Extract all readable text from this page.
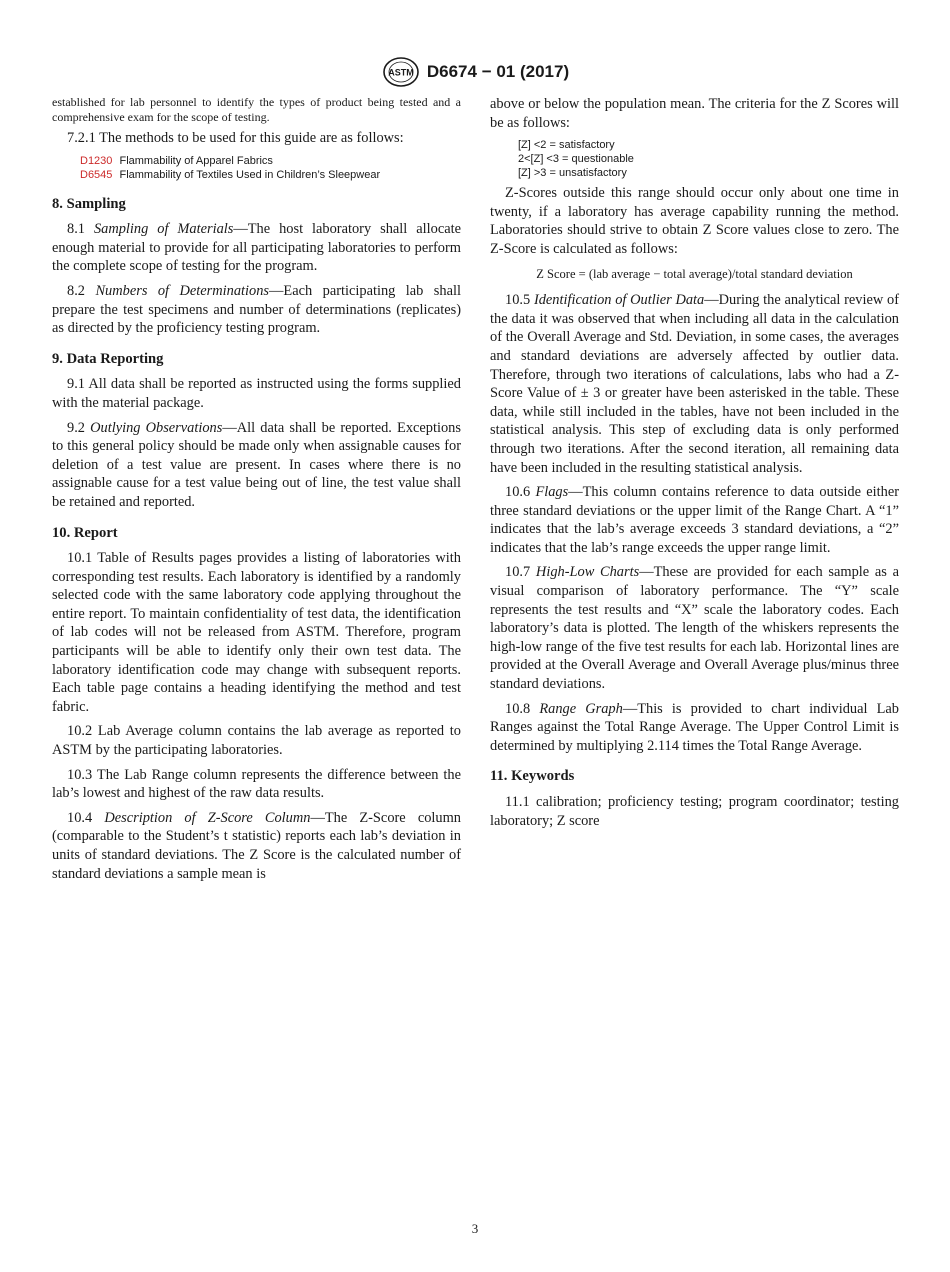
ASTM D6674 − 01 (2017)

established for lab personnel to identify the types of product being tested and a comprehensive exam for the scope of testing.

7.2.1 The methods to be used for this guide are as follows:

D1230 Flammability of Apparel Fabrics
D6545 Flammability of Textiles Used in Children’s Sleepwear
8. Sampling

8.1 Sampling of Materials—The host laboratory shall allocate enough material to provide for all participating laboratories to perform the complete scope of testing for the program.

8.2 Numbers of Determinations—Each participating lab shall prepare the test specimens and number of determinations (replicates) as directed by the proficiency testing program.

9. Data Reporting

9.1 All data shall be reported as instructed using the forms supplied with the material package.

9.2 Outlying Observations—All data shall be reported. Exceptions to this general policy should be made only when assignable causes for deletion of a test value are present. In cases where there is no assignable cause for a test value being out of line, the test value shall be retained and reported.

10. Report

10.1 Table of Results pages provides a listing of laboratories with corresponding test results. Each laboratory is identified by a randomly selected code with the same laboratory code applying throughout the entire report. To maintain confidentiality of test data, the identification of lab codes will not be released from ASTM. Therefore, program participants will be able to identify only their own test data. The laboratory identification code may change with subsequent reports. Each table page contains a heading identifying the method and test fabric.

10.2 Lab Average column contains the lab average as reported to ASTM by the participating laboratories.

10.3 The Lab Range column represents the difference between the lab’s lowest and highest of the raw data results.

10.4 Description of Z-Score Column—The Z-Score column (comparable to the Student’s t statistic) reports each lab’s deviation in units of standard deviations. The Z Score is the calculated number of standard deviations a sample mean is

above or below the population mean. The criteria for the Z Scores will be as follows:

[Z] <2 = satisfactory
2<[Z] <3 = questionable
[Z] >3 = unsatisfactory

Z-Scores outside this range should occur only about one time in twenty, if a laboratory has average capability running the method. Laboratories should strive to obtain Z Score values close to zero. The Z-Score is calculated as follows:

Z Score = (lab average − total average)/total standard deviation

10.5 Identification of Outlier Data—During the analytical review of the data it was observed that when including all data in the calculation of the Overall Average and Std. Deviation, in some cases, the averages and standard deviations are adversely affected by outlier data. Therefore, through two iterations of calculations, labs who had a Z-Score Value of ± 3 or greater have been asterisked in the table. These data, while still included in the tables, have not been included in the statistical analysis. This step of excluding data is only performed through two iterations. After the second iteration, all remaining data have been included in the resulting statistical analysis.

10.6 Flags—This column contains reference to data outside either three standard deviations or the upper limit of the Range Chart. A “1” indicates that the lab’s average exceeds 3 standard deviations, a “2” indicates that the lab’s range exceeds the upper range limit.

10.7 High-Low Charts—These are provided for each sample as a visual comparison of laboratory performance. The “Y” scale represents the test results and “X” scale the laboratory codes. Each laboratory’s data is plotted. The length of the whiskers represents the high-low range of the five test results for each lab. Horizontal lines are provided at the Overall Average and Overall Average plus/minus three standard deviations.

10.8 Range Graph—This is provided to chart individual Lab Ranges against the Total Range Average. The Upper Control Limit is determined by multiplying 2.114 times the Total Range Average.

11. Keywords

11.1 calibration; proficiency testing; program coordinator; testing laboratory; Z score

3
